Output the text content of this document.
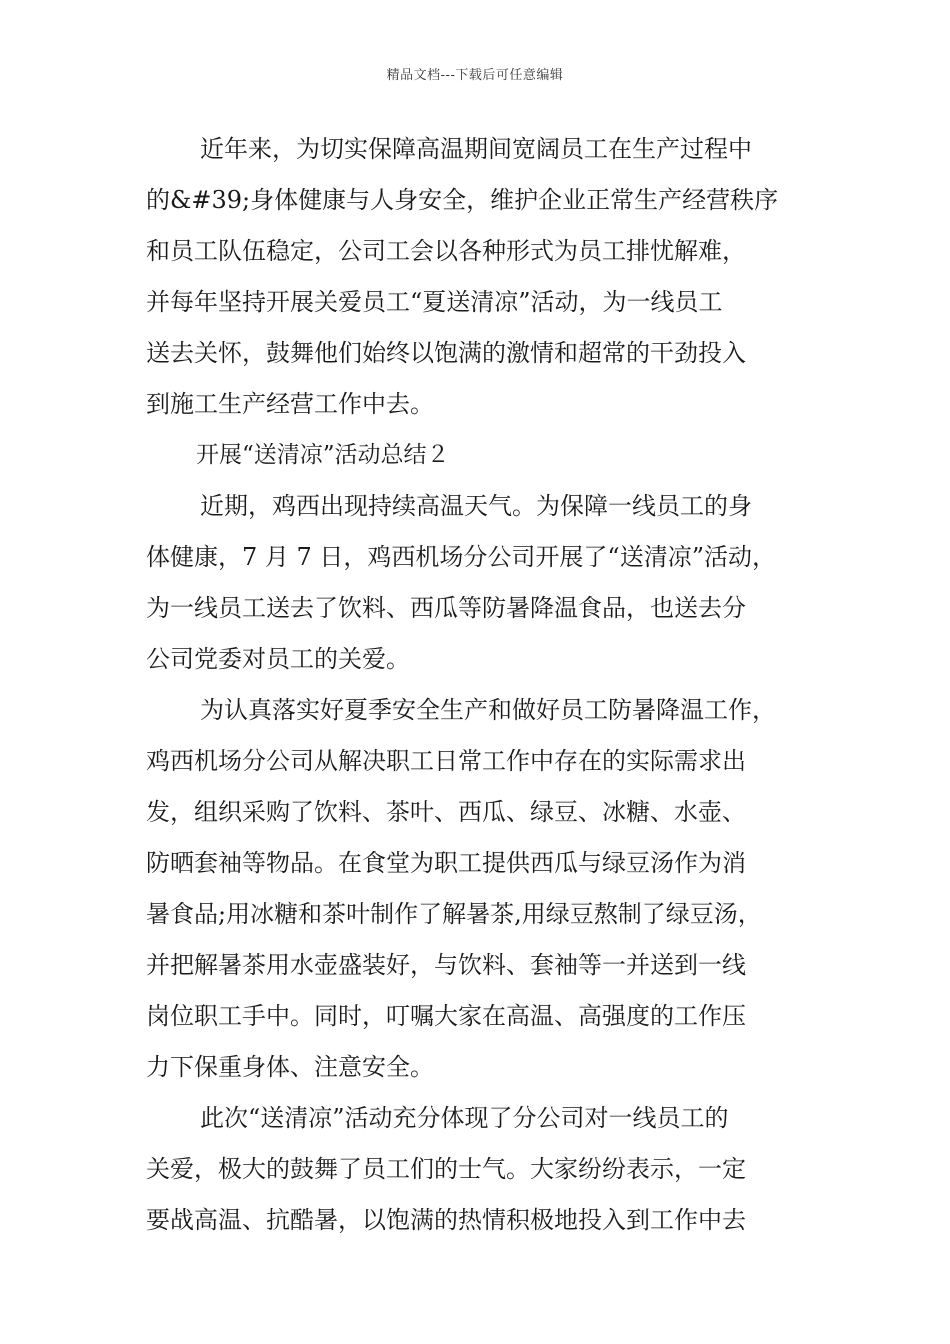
精品文档---下载后可任意编辑
近年来，为切实保障高温期间宽阔员工在生产过程中
的&#39;身体健康与人身安全，维护企业正常生产经营秩序
和员工队伍稳定，公司工会以各种形式为员工排忧解难，
并每年坚持开展关爱员工“夏送清凉”活动，为一线员工
送去关怀，鼓舞他们始终以饱满的激情和超常的干劲投入
到施工生产经营工作中去。
开展“送清凉”活动总结２
近期，鸡西出现持续高温天气。为保障一线员工的身
体健康，7 月 7 日，鸡西机场分公司开展了“送清凉”活动，
为一线员工送去了饮料、西瓜等防暑降温食品，也送去分
公司党委对员工的关爱。
为认真落实好夏季安全生产和做好员工防暑降温工作，
鸡西机场分公司从解决职工日常工作中存在的实际需求出
发，组织采购了饮料、茶叶、西瓜、绿豆、冰糖、水壶、
防晒套袖等物品。在食堂为职工提供西瓜与绿豆汤作为消
暑食品;用冰糖和茶叶制作了解暑茶,用绿豆熬制了绿豆汤，
并把解暑茶用水壶盛装好，与饮料、套袖等一并送到一线
岗位职工手中。同时，叮嘱大家在高温、高强度的工作压
力下保重身体、注意安全。
此次“送清凉”活动充分体现了分公司对一线员工的
关爱，极大的鼓舞了员工们的士气。大家纷纷表示，一定
要战高温、抗酷暑，以饱满的热情积极地投入到工作中去
